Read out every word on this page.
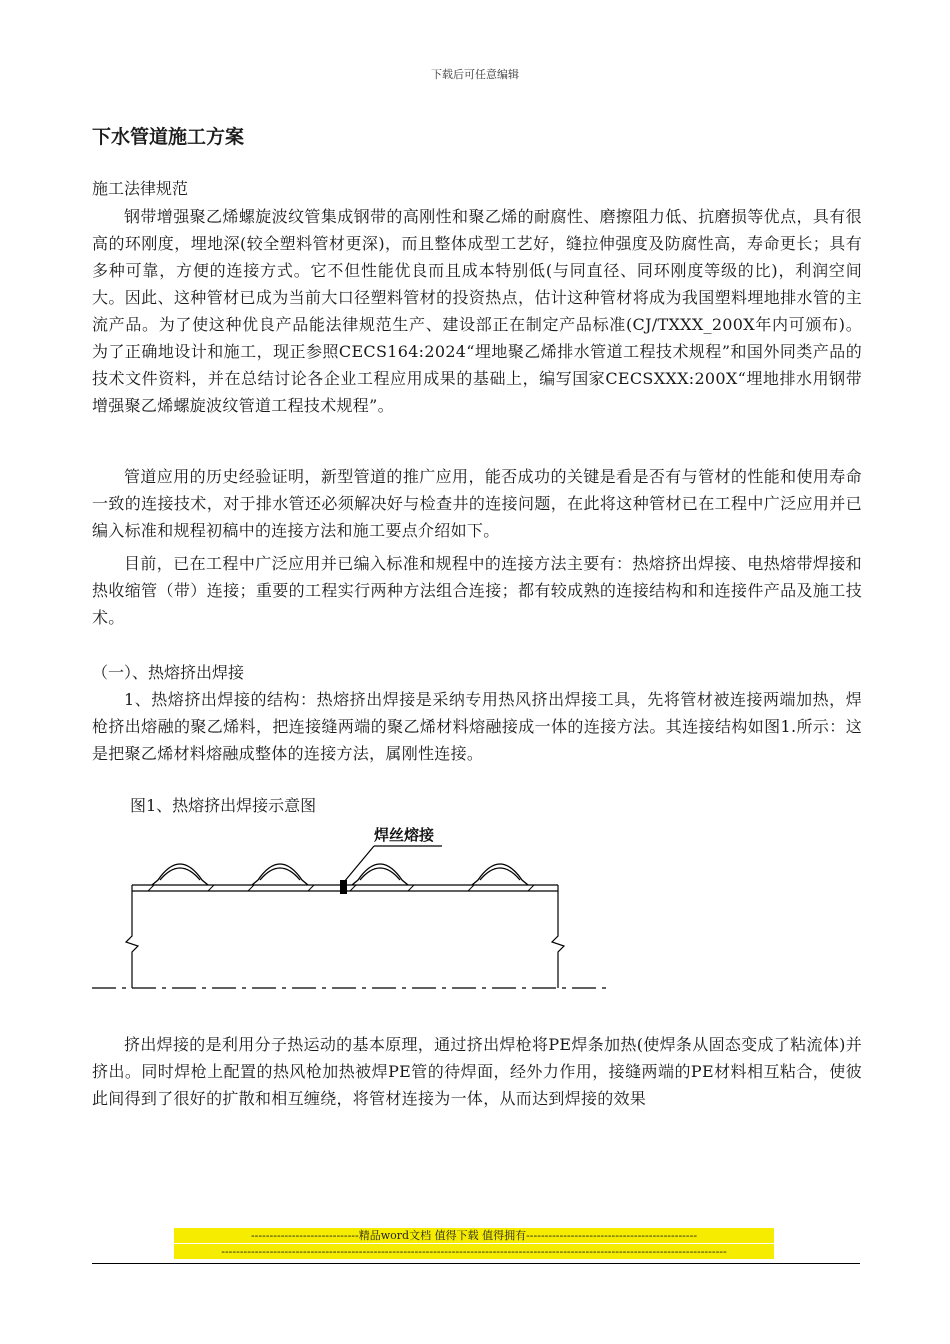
下载后可任意编辑
下水管道施工方案

施工法律规范

钢带增强聚乙烯螺旋波纹管集成钢带的高刚性和聚乙烯的耐腐性、磨擦阻力低、抗磨损等优点，具有很高的环刚度，埋地深(较全塑料管材更深)，而且整体成型工艺好，缝拉伸强度及防腐性高，寿命更长；具有多种可靠，方便的连接方式。它不但性能优良而且成本特别低(与同直径、同环刚度等级的比)，利润空间大。因此、这种管材已成为当前大口径塑料管材的投资热点，估计这种管材将成为我国塑料埋地排水管的主流产品。为了使这种优良产品能法律规范生产、建设部正在制定产品标准(CJ/TXXX_200X年内可颁布)。为了正确地设计和施工，现正参照CECS164:2024“埋地聚乙烯排水管道工程技术规程”和国外同类产品的技术文件资料，并在总结讨论各企业工程应用成果的基础上，编写国家CECSXXX:200X“埋地排水用钢带增强聚乙烯螺旋波纹管道工程技术规程”。

管道应用的历史经验证明，新型管道的推广应用，能否成功的关键是看是否有与管材的性能和使用寿命一致的连接技术，对于排水管还必须解决好与检查井的连接问题，在此将这种管材已在工程中广泛应用并已编入标准和规程初稿中的连接方法和施工要点介绍如下。

目前，已在工程中广泛应用并已编入标准和规程中的连接方法主要有：热熔挤出焊接、电热熔带焊接和热收缩管（带）连接；重要的工程实行两种方法组合连接；都有较成熟的连接结构和和连接件产品及施工技术。

（一）、热熔挤出焊接

1、热熔挤出焊接的结构：热熔挤出焊接是采纳专用热风挤出焊接工具，先将管材被连接两端加热，焊枪挤出熔融的聚乙烯料，把连接缝两端的聚乙烯材料熔融接成一体的连接方法。其连接结构如图1.所示：这是把聚乙烯材料熔融成整体的连接方法，属刚性连接。

图1、热熔挤出焊接示意图

焊丝熔接

挤出焊接的是利用分子热运动的基本原理，通过挤出焊枪将PE焊条加热(使焊条从固态变成了粘流体)并挤出。同时焊枪上配置的热风枪加热被焊PE管的待焊面，经外力作用，接缝两端的PE材料相互粘合，使彼此间得到了很好的扩散和相互缠绕，将管材连接为一体，从而达到焊接的效果

-----------------------------精品word文档 值得下载 值得拥有----------------------------------------------
----------------------------------------------------------------------------------------------------------------------------------------
